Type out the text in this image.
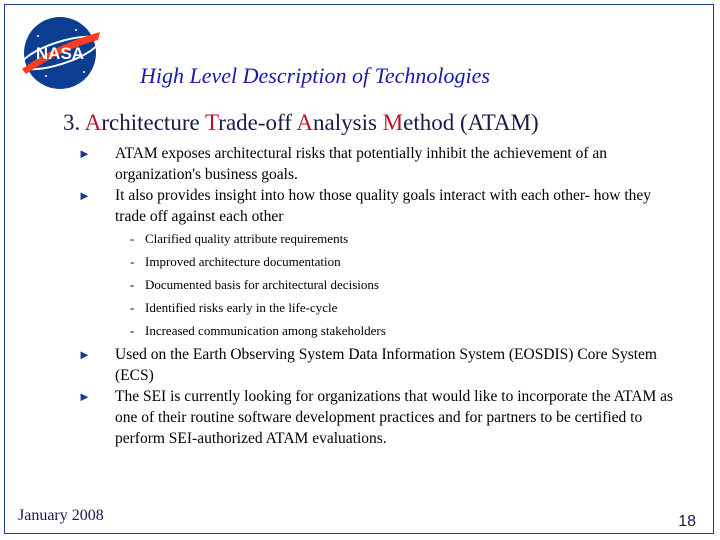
NASA
High Level Description of Technologies
3. Architecture Trade-off Analysis Method (ATAM)
► ATAM exposes architectural risks that potentially inhibit the achievement of an organization's business goals.
► It also provides insight into how those quality goals interact with each other- how they trade off against each other
- Clarified quality attribute requirements
- Improved architecture documentation
- Documented basis for architectural decisions
- Identified risks early in the life-cycle
- Increased communication among stakeholders
► Used on the Earth Observing System Data Information System (EOSDIS) Core System (ECS)
► The SEI is currently looking for organizations that would like to incorporate the ATAM as one of their routine software development practices and for partners to be certified to perform SEI-authorized ATAM evaluations.
January 2008	18
